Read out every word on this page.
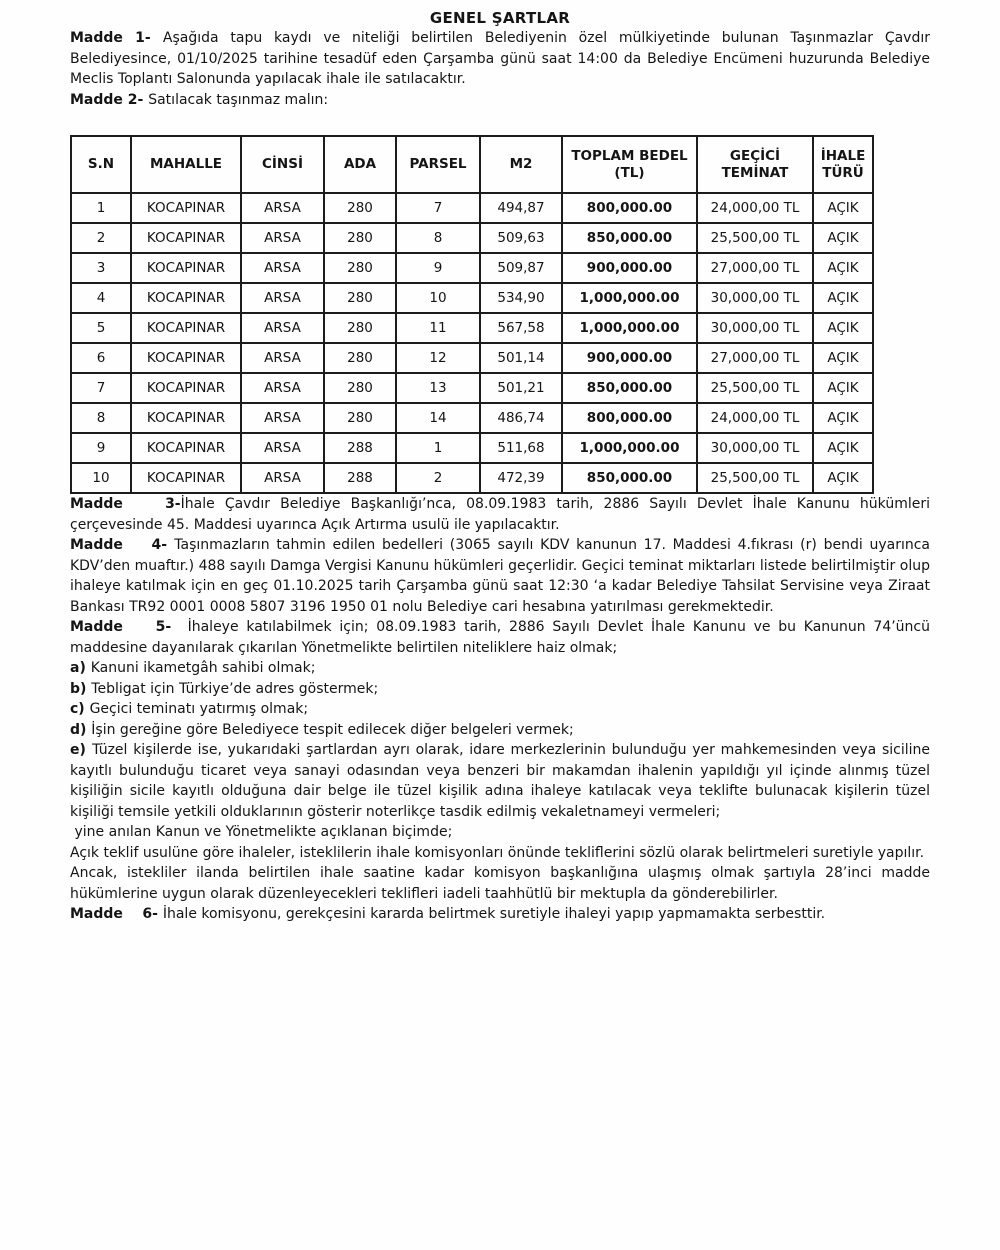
GENEL ŞARTLAR

Madde 1- Aşağıda tapu kaydı ve niteliği belirtilen Belediyenin özel mülkiyetinde bulunan Taşınmazlar Çavdır Belediyesince, 01/10/2025 tarihine tesadüf eden Çarşamba günü saat 14:00 da Belediye Encümeni huzurunda Belediye Meclis Toplantı Salonunda yapılacak ihale ile satılacaktır.

Madde 2- Satılacak taşınmaz malın:

S.N	MAHALLE	CİNSİ	ADA	PARSEL	M2	TOPLAM BEDEL (TL)	GEÇİCİ TEMİNAT	İHALE TÜRÜ
1	KOCAPINAR	ARSA	280	7	494,87	800,000.00	24,000,00 TL	AÇIK
2	KOCAPINAR	ARSA	280	8	509,63	850,000.00	25,500,00 TL	AÇIK
3	KOCAPINAR	ARSA	280	9	509,87	900,000.00	27,000,00 TL	AÇIK
4	KOCAPINAR	ARSA	280	10	534,90	1,000,000.00	30,000,00 TL	AÇIK
5	KOCAPINAR	ARSA	280	11	567,58	1,000,000.00	30,000,00 TL	AÇIK
6	KOCAPINAR	ARSA	280	12	501,14	900,000.00	27,000,00 TL	AÇIK
7	KOCAPINAR	ARSA	280	13	501,21	850,000.00	25,500,00 TL	AÇIK
8	KOCAPINAR	ARSA	280	14	486,74	800,000.00	24,000,00 TL	AÇIK
9	KOCAPINAR	ARSA	288	1	511,68	1,000,000.00	30,000,00 TL	AÇIK
10	KOCAPINAR	ARSA	288	2	472,39	850,000.00	25,500,00 TL	AÇIK

Madde    3-İhale Çavdır Belediye Başkanlığı’nca, 08.09.1983 tarih, 2886 Sayılı Devlet İhale Kanunu hükümleri çerçevesinde 45. Maddesi uyarınca Açık Artırma usulü ile yapılacaktır.

Madde    4- Taşınmazların tahmin edilen bedelleri (3065 sayılı KDV kanunun 17. Maddesi 4.fıkrası (r) bendi uyarınca KDV’den muaftır.) 488 sayılı Damga Vergisi Kanunu hükümleri geçerlidir. Geçici teminat miktarları listede belirtilmiştir olup ihaleye katılmak için en geç 01.10.2025 tarih Çarşamba günü saat 12:30 ‘a kadar Belediye Tahsilat Servisine veya Ziraat Bankası TR92 0001 0008 5807 3196 1950 01 nolu Belediye cari hesabına yatırılması gerekmektedir.

Madde    5-  İhaleye katılabilmek için; 08.09.1983 tarih, 2886 Sayılı Devlet İhale Kanunu ve bu Kanunun 74’üncü maddesine dayanılarak çıkarılan Yönetmelikte belirtilen niteliklere haiz olmak;

a) Kanuni ikametgâh sahibi olmak;

b) Tebligat için Türkiye’de adres göstermek;

c) Geçici teminatı yatırmış olmak;

d) İşin gereğine göre Belediyece tespit edilecek diğer belgeleri vermek;

e) Tüzel kişilerde ise, yukarıdaki şartlardan ayrı olarak, idare merkezlerinin bulunduğu yer mahkemesinden veya siciline kayıtlı bulunduğu ticaret veya sanayi odasından veya benzeri bir makamdan ihalenin yapıldığı yıl içinde alınmış tüzel kişiliğin sicile kayıtlı olduğuna dair belge ile tüzel kişilik adına ihaleye katılacak veya teklifte bulunacak kişilerin tüzel kişiliği temsile yetkili olduklarının gösterir noterlikçe tasdik edilmiş vekaletnameyi vermeleri;

yine anılan Kanun ve Yönetmelikte açıklanan biçimde;

Açık teklif usulüne göre ihaleler, isteklilerin ihale komisyonları önünde tekliflerini sözlü olarak belirtmeleri suretiyle yapılır.

Ancak, istekliler ilanda belirtilen ihale saatine kadar komisyon başkanlığına ulaşmış olmak şartıyla 28’inci madde hükümlerine uygun olarak düzenleyecekleri teklifleri iadeli taahhütlü bir mektupla da gönderebilirler.

Madde    6- İhale komisyonu, gerekçesini kararda belirtmek suretiyle ihaleyi yapıp yapmamakta serbesttir.
